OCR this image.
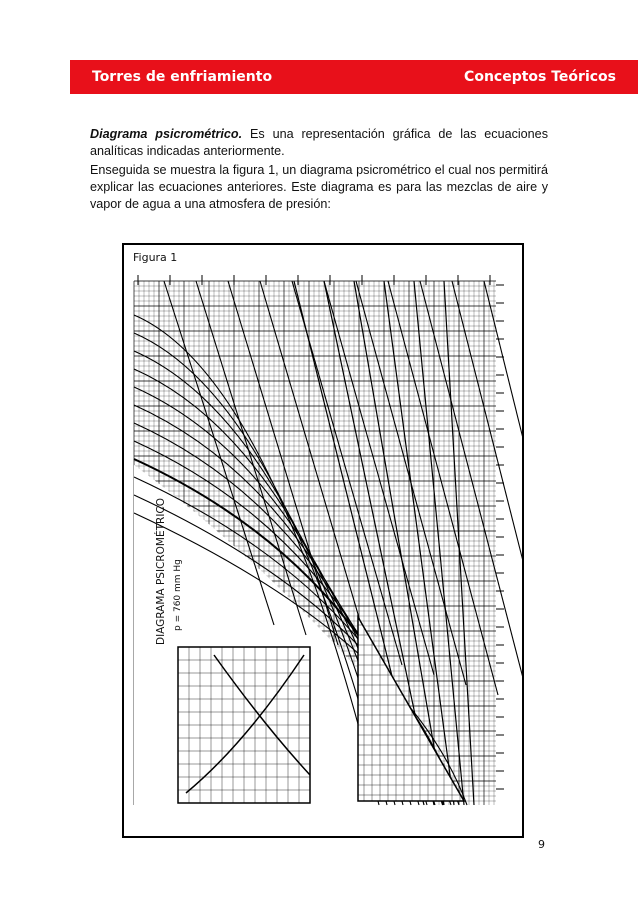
Torres de enfriamiento	Conceptos Teóricos

Diagrama psicrométrico. Es una representación gráfica de las ecuaciones analíticas indicadas anteriormente.

Enseguida se muestra la figura 1, un diagrama psicrométrico el cual nos permitirá explicar las ecuaciones anteriores. Este diagrama es para las mezclas de aire y vapor de agua a una atmosfera de presión:

Figura 1
DIAGRAMA PSICROMÉTRICO p = 760 mm Hg
9
